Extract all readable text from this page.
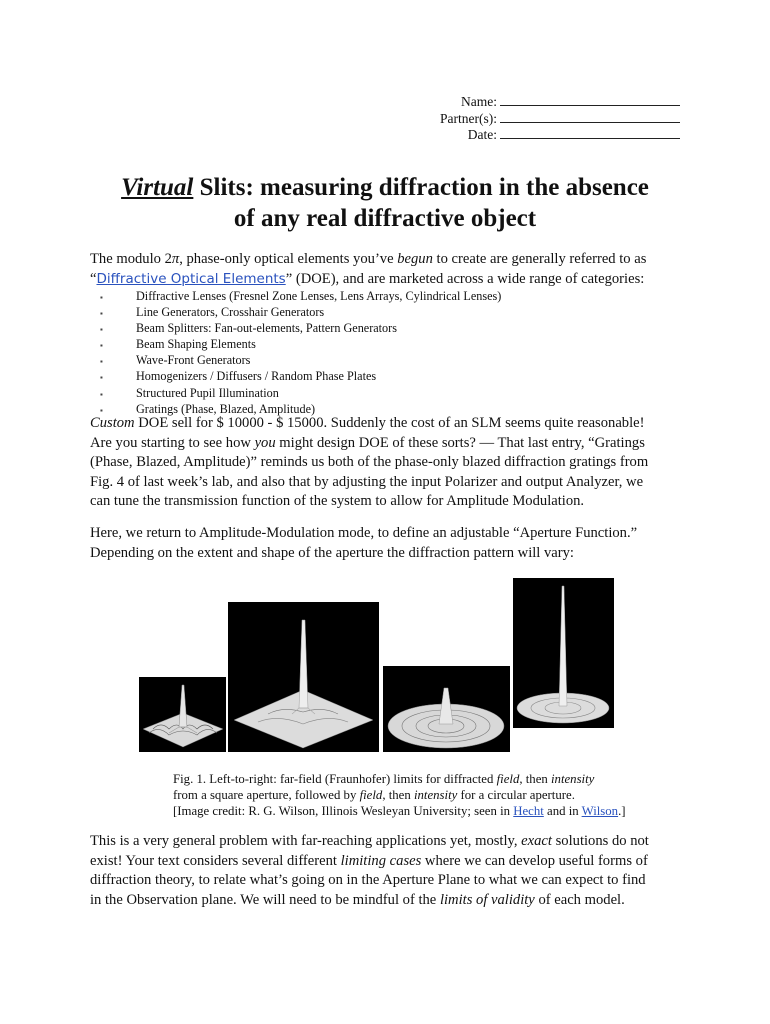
Name:
Partner(s):
Date:
Virtual Slits: measuring diffraction in the absence
of any real diffractive object

The modulo 2π, phase-only optical elements you’ve begun to create are generally referred to as
“Diffractive Optical Elements” (DOE), and are marketed across a wide range of categories:

▪	Diffractive Lenses (Fresnel Zone Lenses, Lens Arrays, Cylindrical Lenses)
▪	Line Generators, Crosshair Generators
▪	Beam Splitters: Fan-out-elements, Pattern Generators
▪	Beam Shaping Elements
▪	Wave-Front Generators
▪	Homogenizers / Diffusers / Random Phase Plates
▪	Structured Pupil Illumination
▪	Gratings (Phase, Blazed, Amplitude)

Custom DOE sell for $ 10000 - $ 15000. Suddenly the cost of an SLM seems quite reasonable!
Are you starting to see how you might design DOE of these sorts? — That last entry, “Gratings
(Phase, Blazed, Amplitude)” reminds us both of the phase-only blazed diffraction gratings from
Fig. 4 of last week’s lab, and also that by adjusting the input Polarizer and output Analyzer, we
can tune the transmission function of the system to allow for Amplitude Modulation.

Here, we return to Amplitude-Modulation mode, to define an adjustable “Aperture Function.”
Depending on the extent and shape of the aperture the diffraction pattern will vary:

Fig. 1. Left-to-right: far-field (Fraunhofer) limits for diffracted field, then intensity
from a square aperture, followed by field, then intensity for a circular aperture.
[Image credit: R. G. Wilson, Illinois Wesleyan University; seen in Hecht and in Wilson.]

This is a very general problem with far-reaching applications yet, mostly, exact solutions do not
exist! Your text considers several different limiting cases where we can develop useful forms of
diffraction theory, to relate what’s going on in the Aperture Plane to what we can expect to find
in the Observation plane. We will need to be mindful of the limits of validity of each model.
